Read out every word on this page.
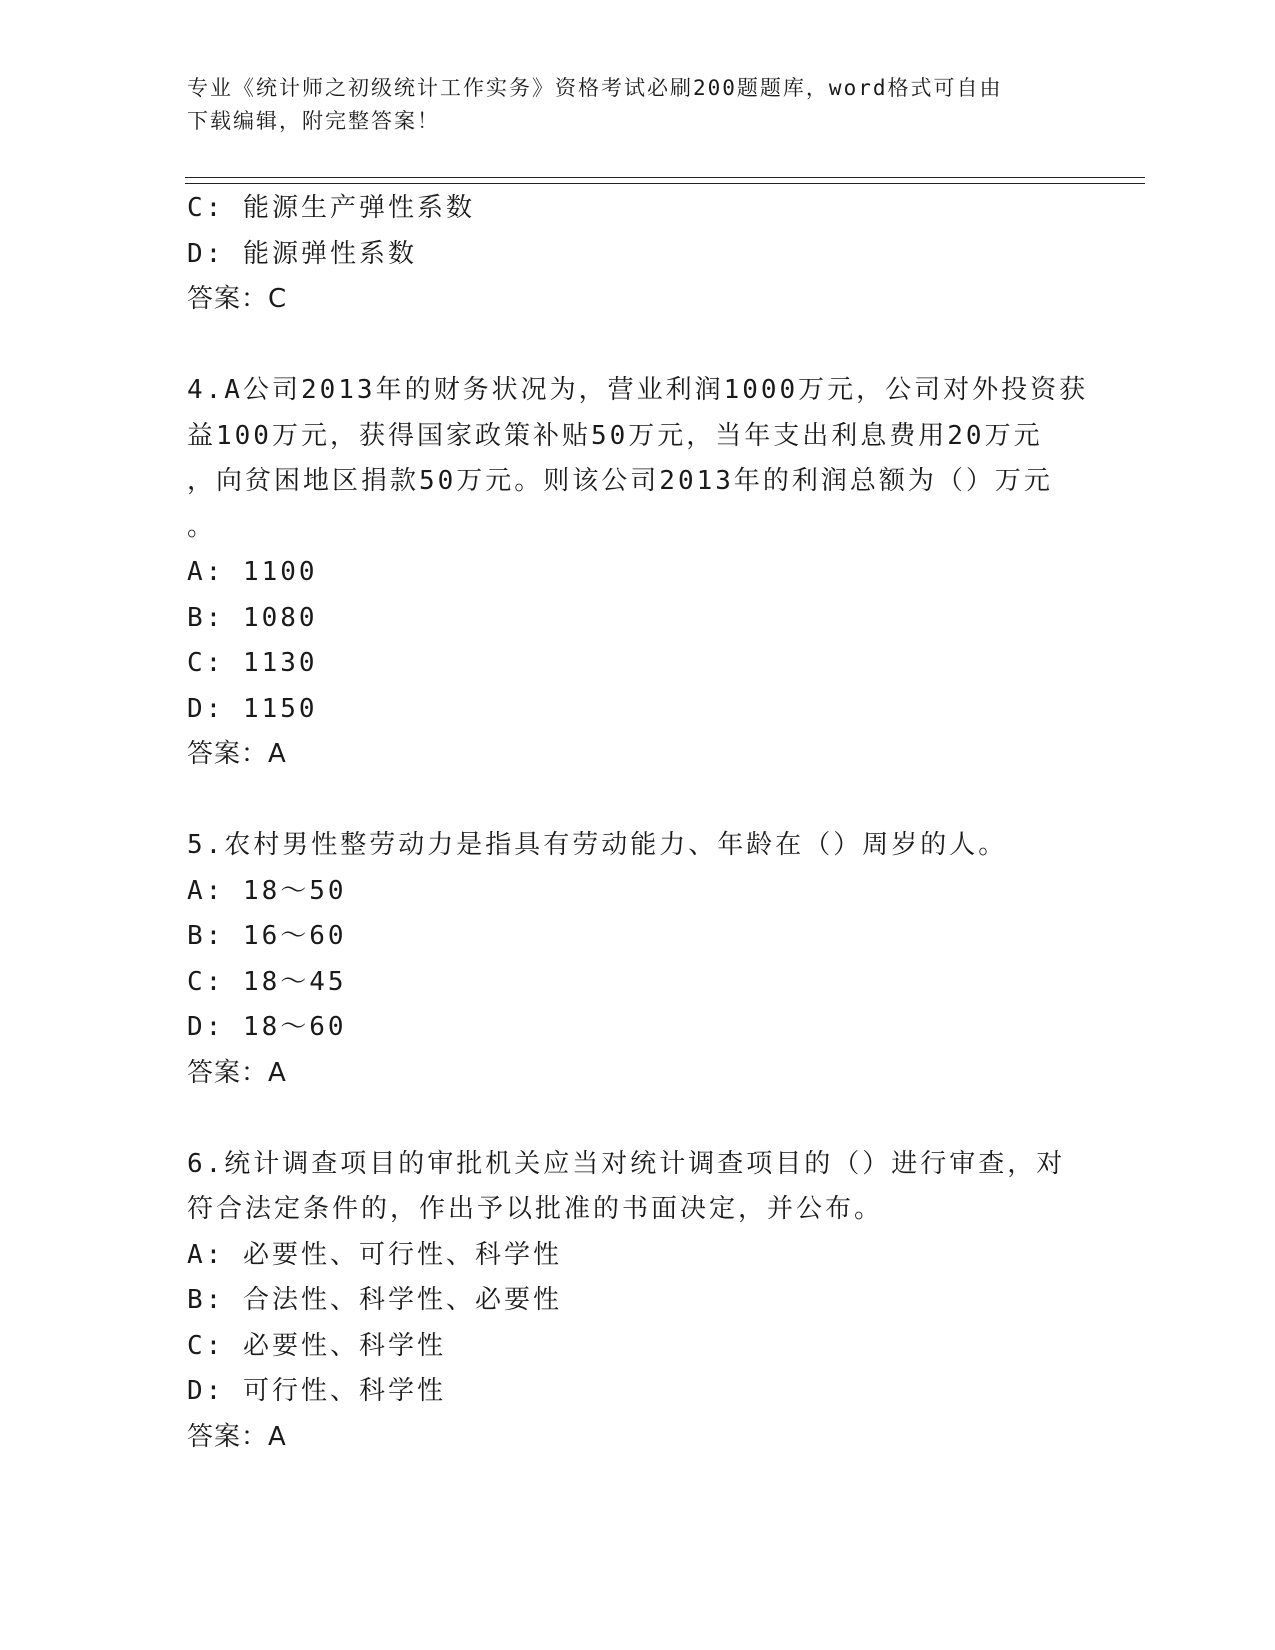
专业《统计师之初级统计工作实务》资格考试必刷200题题库，word格式可自由
下载编辑，附完整答案！
C: 能源生产弹性系数
D: 能源弹性系数
答案：C
4.A公司2013年的财务状况为，营业利润1000万元，公司对外投资获
益100万元，获得国家政策补贴50万元，当年支出利息费用20万元
，向贫困地区捐款50万元。则该公司2013年的利润总额为（）万元
。
A: 1100
B: 1080
C: 1130
D: 1150
答案：A
5.农村男性整劳动力是指具有劳动能力、年龄在（）周岁的人。
A: 18～50
B: 16～60
C: 18～45
D: 18～60
答案：A
6.统计调查项目的审批机关应当对统计调查项目的（）进行审查，对
符合法定条件的，作出予以批准的书面决定，并公布。
A: 必要性、可行性、科学性
B: 合法性、科学性、必要性
C: 必要性、科学性
D: 可行性、科学性
答案：A
